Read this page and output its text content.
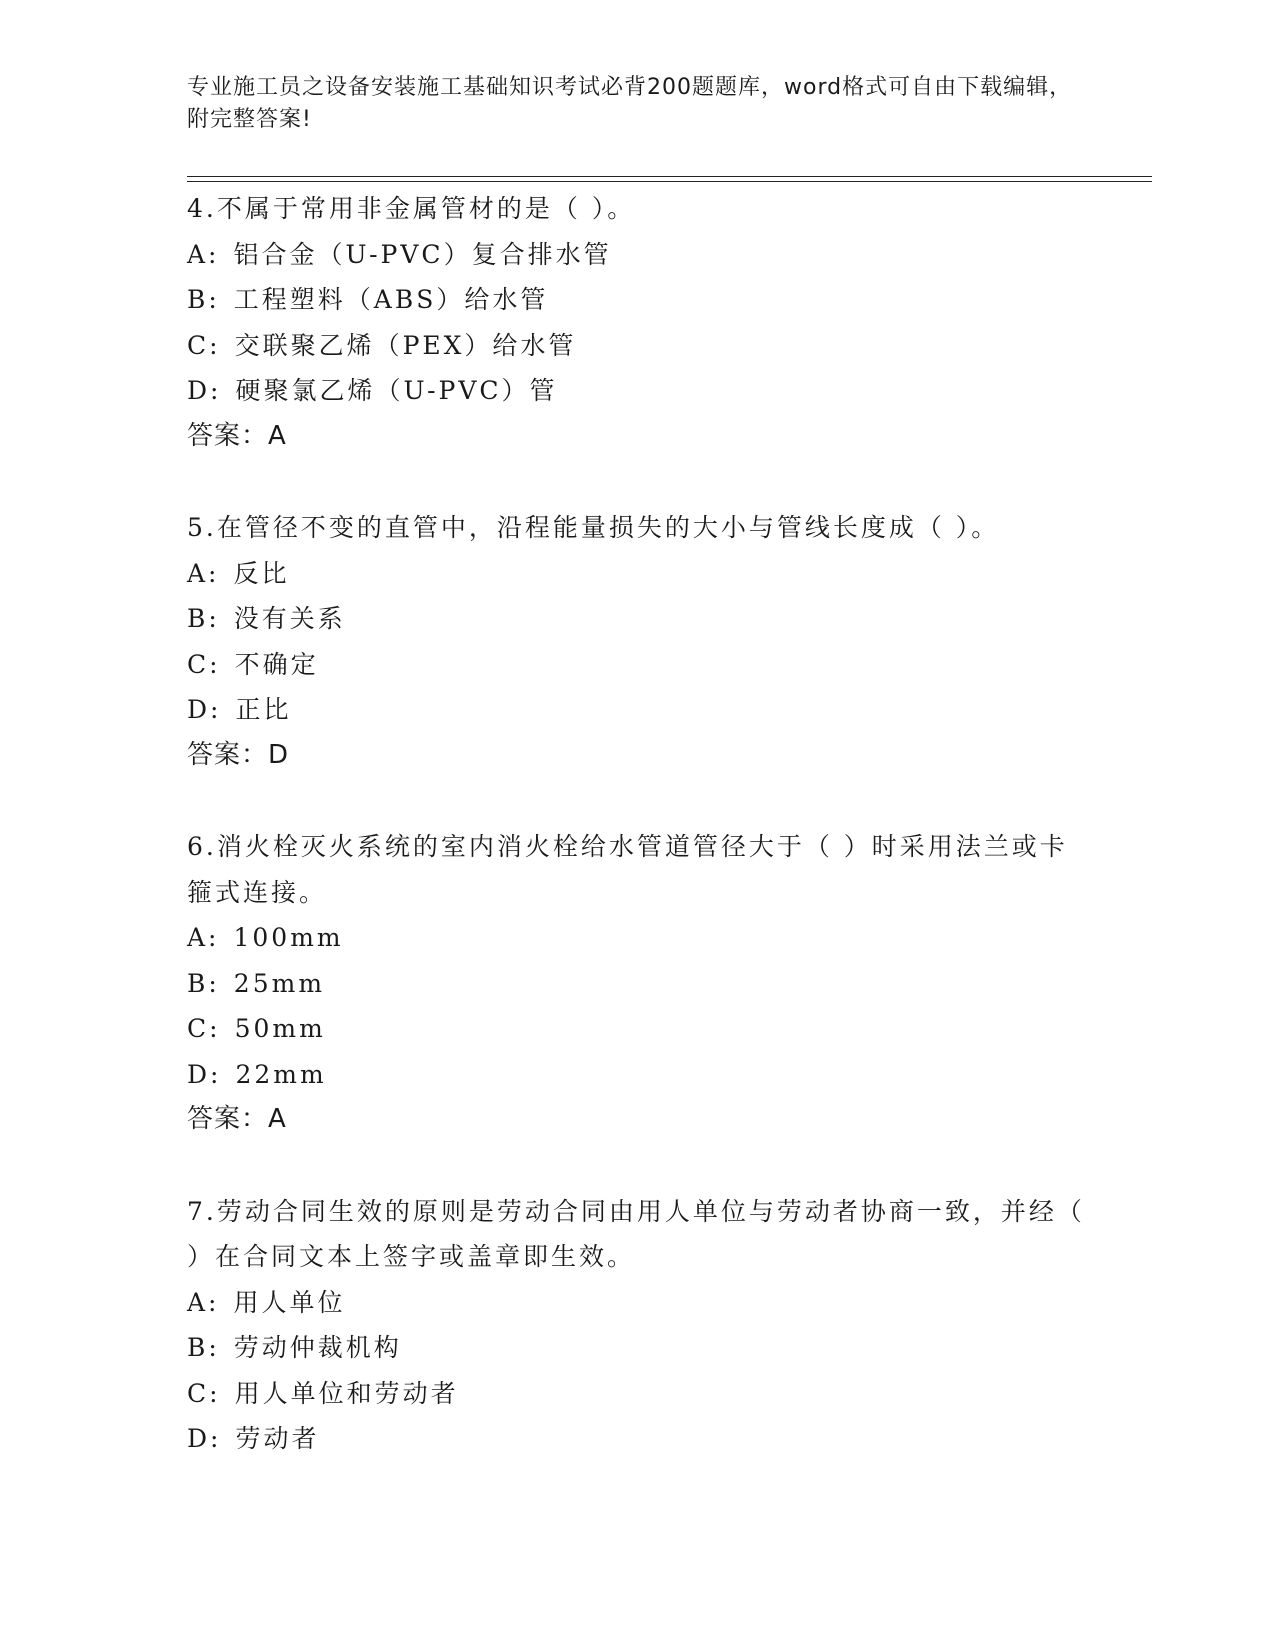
专业施工员之设备安装施工基础知识考试必背200题题库，word格式可自由下载编辑，附完整答案!
4.不属于常用非金属管材的是（ ）。
A: 铝合金（U-PVC）复合排水管
B: 工程塑料（ABS）给水管
C: 交联聚乙烯（PEX）给水管
D: 硬聚氯乙烯（U-PVC）管
答案：A
5.在管径不变的直管中，沿程能量损失的大小与管线长度成（ ）。
A: 反比
B: 没有关系
C: 不确定
D: 正比
答案：D
6.消火栓灭火系统的室内消火栓给水管道管径大于（ ）时采用法兰或卡箍式连接。
A: 100mm
B: 25mm
C: 50mm
D: 22mm
答案：A
7.劳动合同生效的原则是劳动合同由用人单位与劳动者协商一致，并经（ ）在合同文本上签字或盖章即生效。
A: 用人单位
B: 劳动仲裁机构
C: 用人单位和劳动者
D: 劳动者
